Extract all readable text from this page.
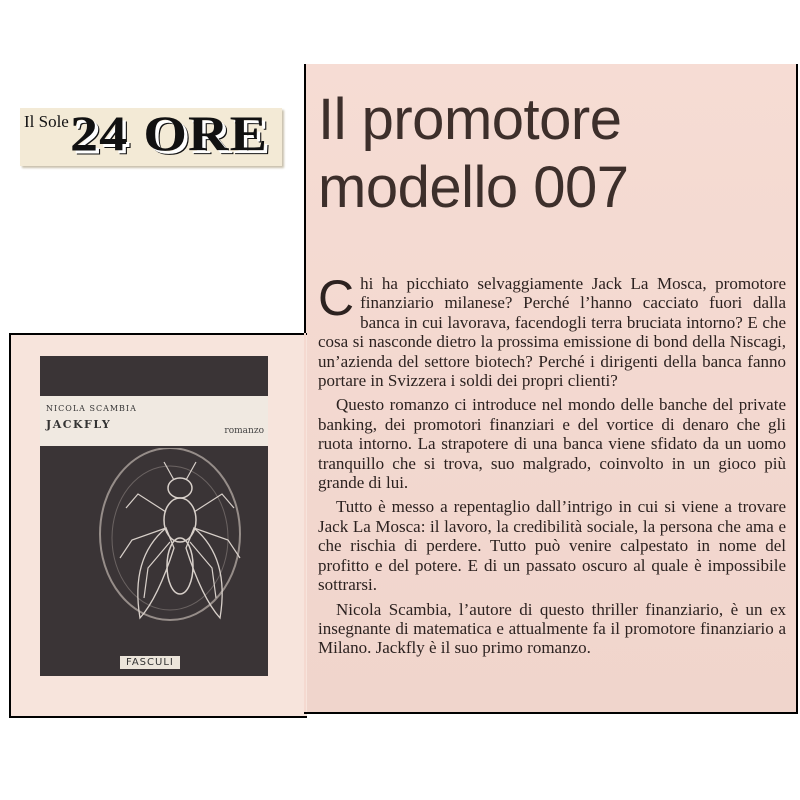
Il Sole 24 ORE Il promotore
modello 007

Chi ha picchiato selvaggiamente Jack La Mosca, promotore finanziario milanese? Perché l’hanno cacciato fuori dalla banca in cui lavorava, facendogli terra bruciata intorno? E che cosa si nasconde dietro la prossima emissione di bond della Niscagi, un’azienda del settore biotech? Perché i dirigenti della banca fanno portare in Svizzera i soldi dei propri clienti?

Questo romanzo ci introduce nel mondo delle banche del private banking, dei promotori finanziari e del vortice di denaro che gli ruota intorno. La strapotere di una banca viene sfidato da un uomo tranquillo che si trova, suo malgrado, coinvolto in un gioco più grande di lui.

Tutto è messo a repentaglio dall’intrigo in cui si viene a trovare Jack La Mosca: il lavoro, la credibilità sociale, la persona che ama e che rischia di perdere. Tutto può venire calpestato in nome del profitto e del potere. E di un passato oscuro al quale è impossibile sottrarsi.

Nicola Scambia, l’autore di questo thriller finanziario, è un ex insegnante di matematica e attualmente fa il promotore finanziario a Milano. Jackfly è il suo primo romanzo.

NICOLA SCAMBIA
JACKFLY	romanzo
FASCULI
